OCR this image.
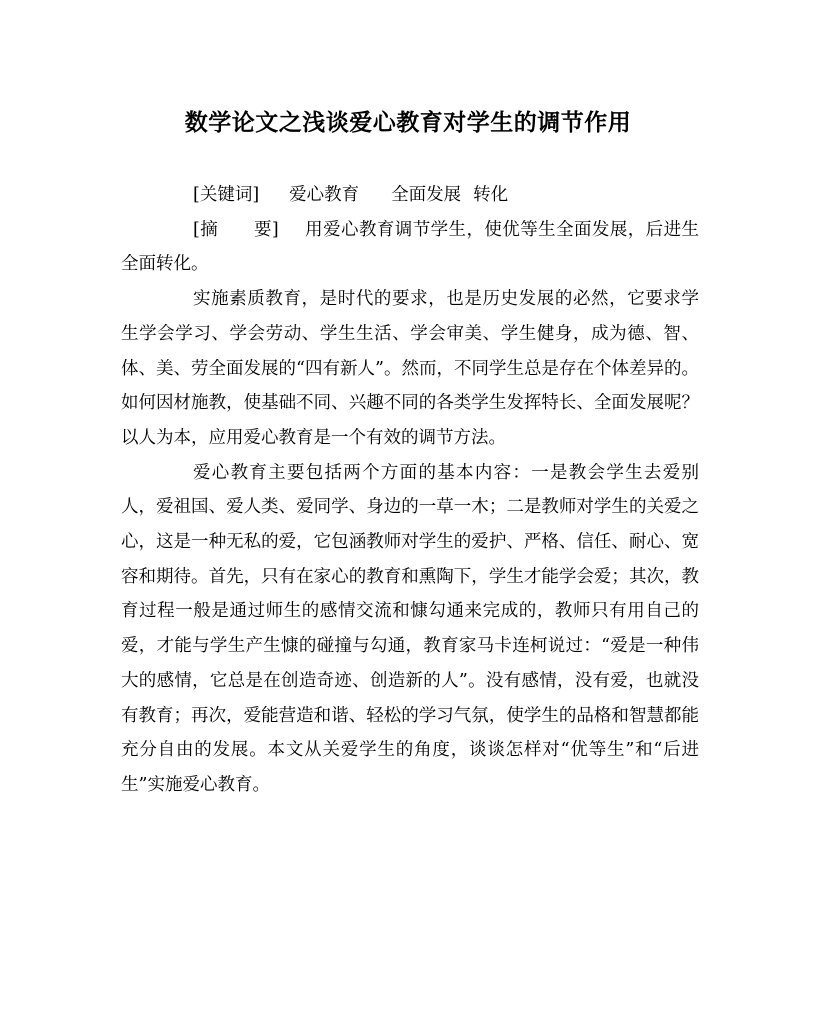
数学论文之浅谈爱心教育对学生的调节作用

[关键词] 爱心教育 全面发展 转化

[摘　　要] 用爱心教育调节学生，使优等生全面发展，后进生全面转化。

实施素质教育，是时代的要求，也是历史发展的必然，它要求学生学会学习、学会劳动、学生生活、学会审美、学生健身，成为德、智、体、美、劳全面发展的“四有新人”。然而，不同学生总是存在个体差异的。如何因材施教，使基础不同、兴趣不同的各类学生发挥特长、全面发展呢？以人为本，应用爱心教育是一个有效的调节方法。

爱心教育主要包括两个方面的基本内容：一是教会学生去爱别人，爱祖国、爱人类、爱同学、身边的一草一木；二是教师对学生的关爱之心，这是一种无私的爱，它包涵教师对学生的爱护、严格、信任、耐心、宽容和期待。首先，只有在家心的教育和熏陶下，学生才能学会爱；其次，教育过程一般是通过师生的感情交流和慷勾通来完成的，教师只有用自己的爱，才能与学生产生慷的碰撞与勾通，教育家马卡连柯说过：“爱是一种伟大的感情，它总是在创造奇迹、创造新的人”。没有感情，没有爱，也就没有教育；再次，爱能营造和谐、轻松的学习气氛，使学生的品格和智慧都能充分自由的发展。本文从关爱学生的角度，谈谈怎样对“优等生”和“后进生”实施爱心教育。
